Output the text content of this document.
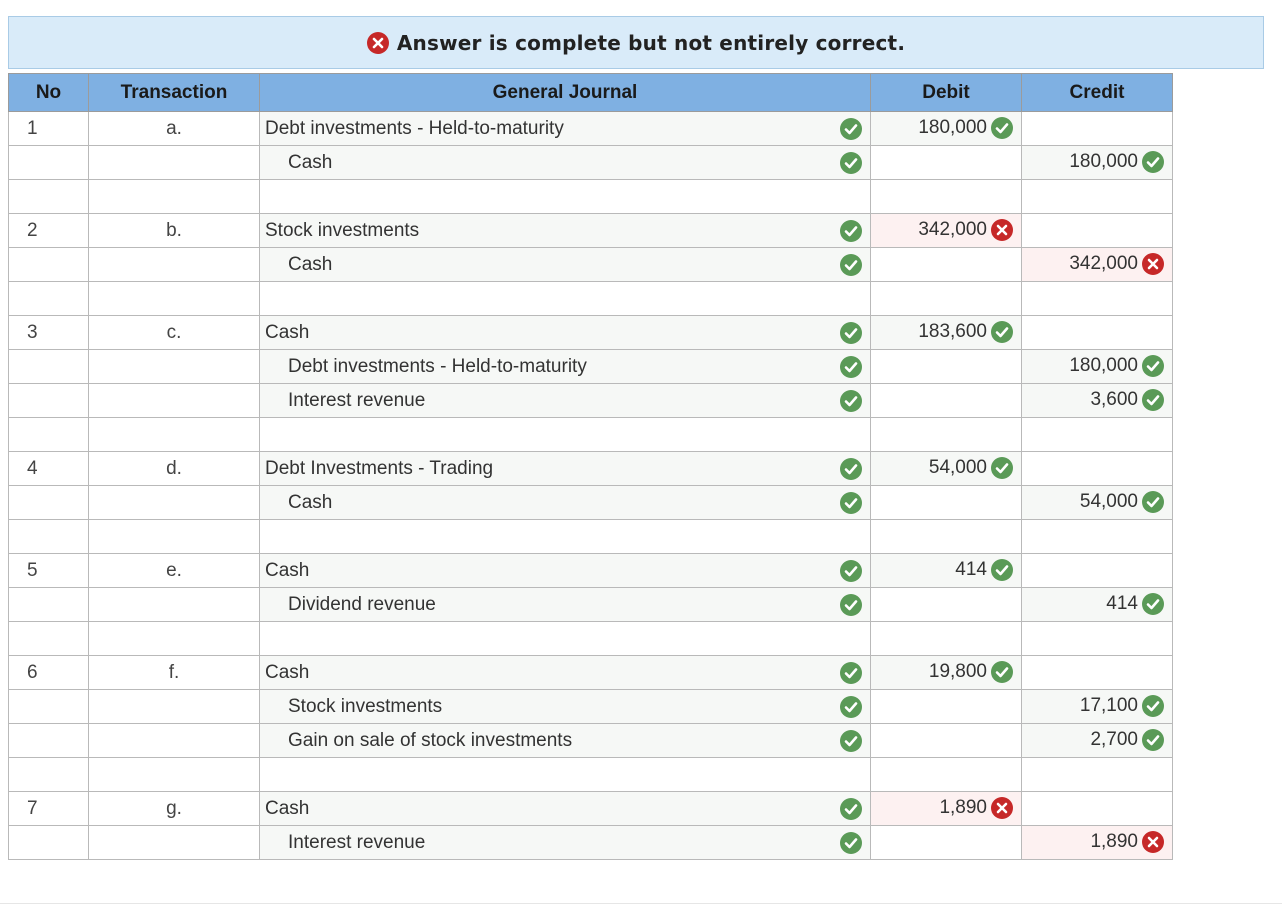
Answer is complete but not entirely correct.
No	Transaction	General Journal	Debit	Credit
1	a.	Debt investments - Held-to-maturity	180,000

		Cash		180,000

2	b.	Stock investments	342,000

		Cash		342,000

3	c.	Cash	183,600

		Debt investments - Held-to-maturity		180,000

		Interest revenue		3,600

4	d.	Debt Investments - Trading	54,000

		Cash		54,000

5	e.	Cash	414

		Dividend revenue		414

6	f.	Cash	19,800

		Stock investments		17,100

		Gain on sale of stock investments		2,700

7	g.	Cash	1,890

		Interest revenue		1,890
